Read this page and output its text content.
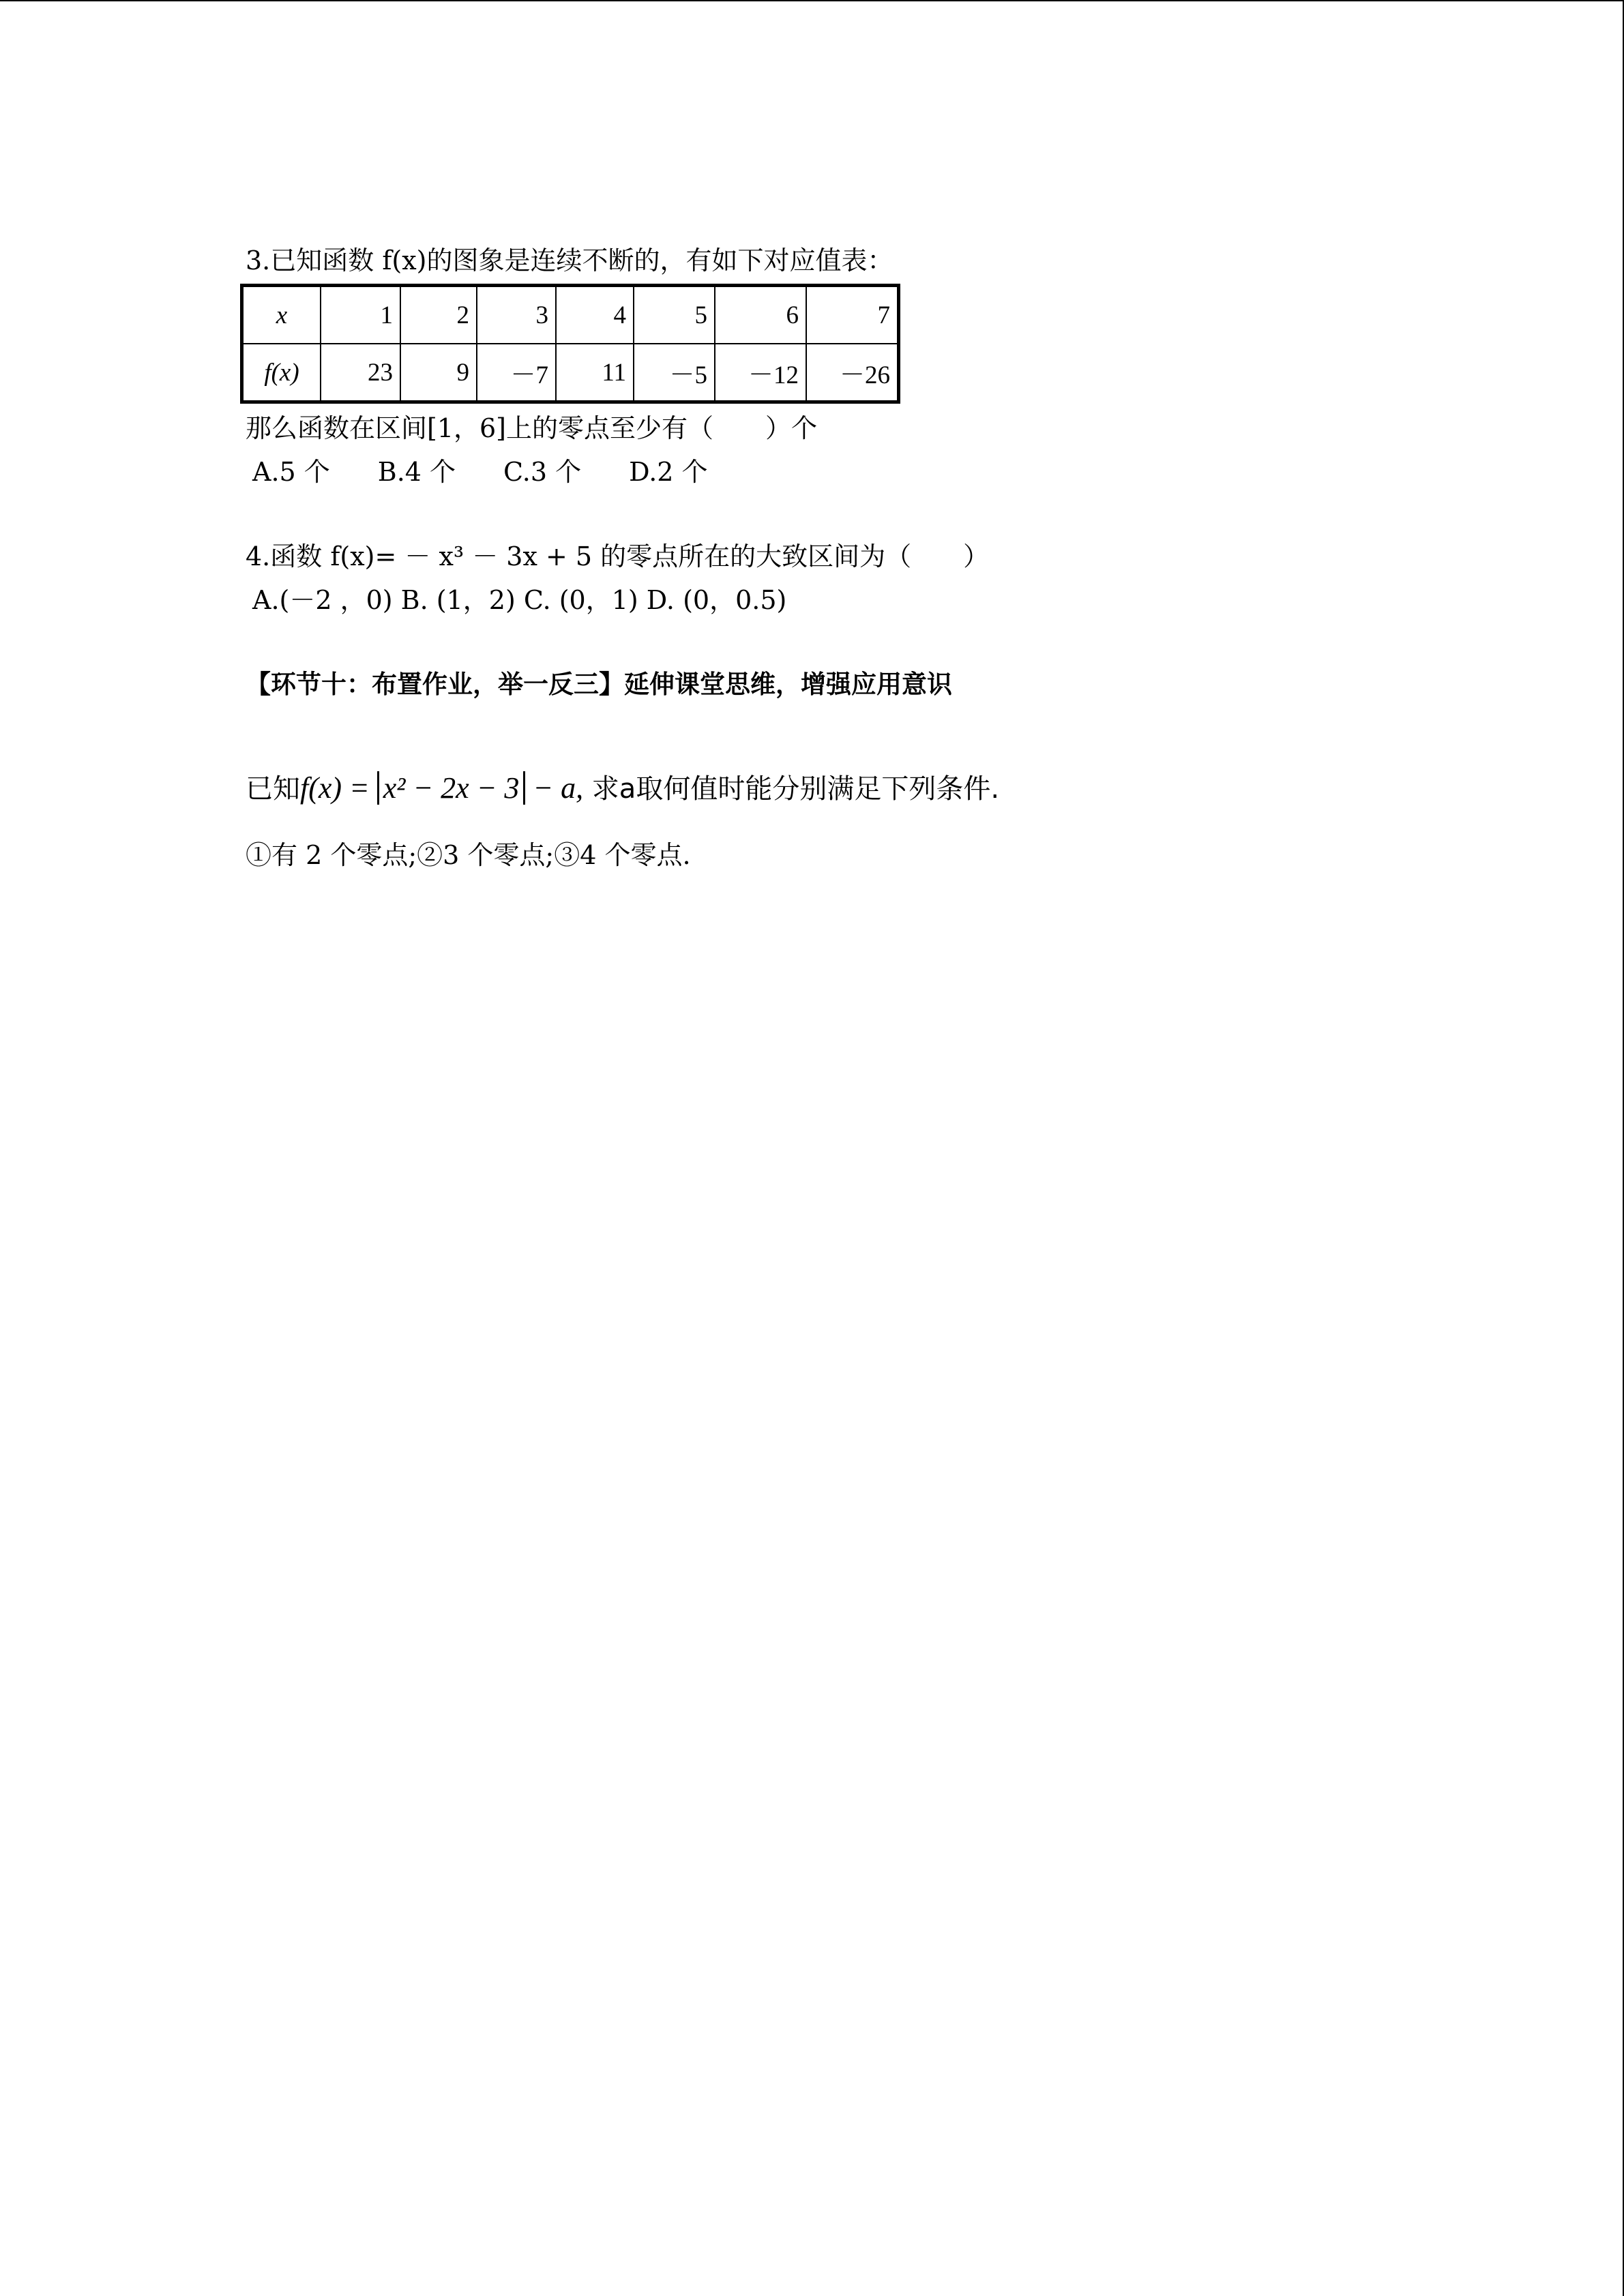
3.已知函数 f(x)的图象是连续不断的，有如下对应值表：
x	1	2	3	4	5	6	7
f(x)	23	9	－7	11	－5	－12	－26
那么函数在区间[1，6]上的零点至少有（　　）个
A.5 个 B.4 个 C.3 个 D.2 个
4.函数 f(x)= － x³ － 3x + 5 的零点所在的大致区间为（　　）
A.(－2 ，0) B. (1，2) C. (0，1) D. (0，0.5)
【环节十：布置作业，举一反三】延伸课堂思维，增强应用意识
已知f(x) = x² − 2x − 3 − a, 求a取何值时能分别满足下列条件.
①有 2 个零点;②3 个零点;③4 个零点.
